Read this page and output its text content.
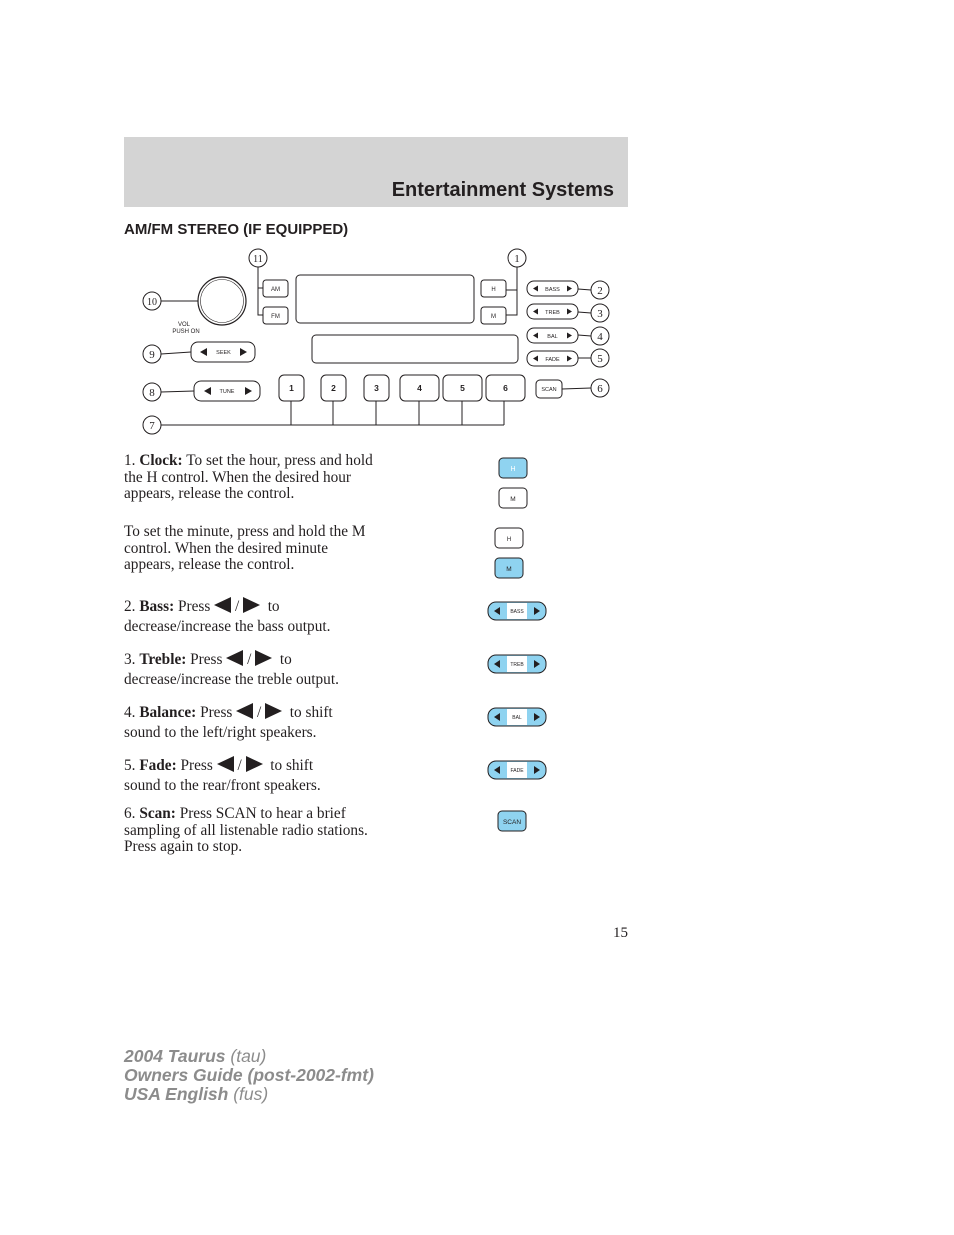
Entertainment Systems
AM/FM STEREO (IF EQUIPPED)
AM
FM
H
M
BASS
TREB
BAL
FADE
SCAN
SEEK
TUNE
VOL
PUSH ON
1	2	3	4	5	6
1
2
3
4
5
6
7
8
9
10
11
1. Clock: To set the hour, press and hold the H control. When the desired hour appears, release the control.
To set the minute, press and hold the M control. When the desired minute appears, release the control.
2. Bass: Press / to
decrease/increase the bass output.
3. Treble: Press / to
decrease/increase the treble output.
4. Balance: Press / to shift
sound to the left/right speakers.
5. Fade: Press / to shift
sound to the rear/front speakers.
6. Scan: Press SCAN to hear a brief sampling of all listenable radio stations. Press again to stop.
H
M
H
M
BASS
TREB
BAL
FADE
SCAN
15
2004 Taurus (tau)
Owners Guide (post-2002-fmt)
USA English (fus)
